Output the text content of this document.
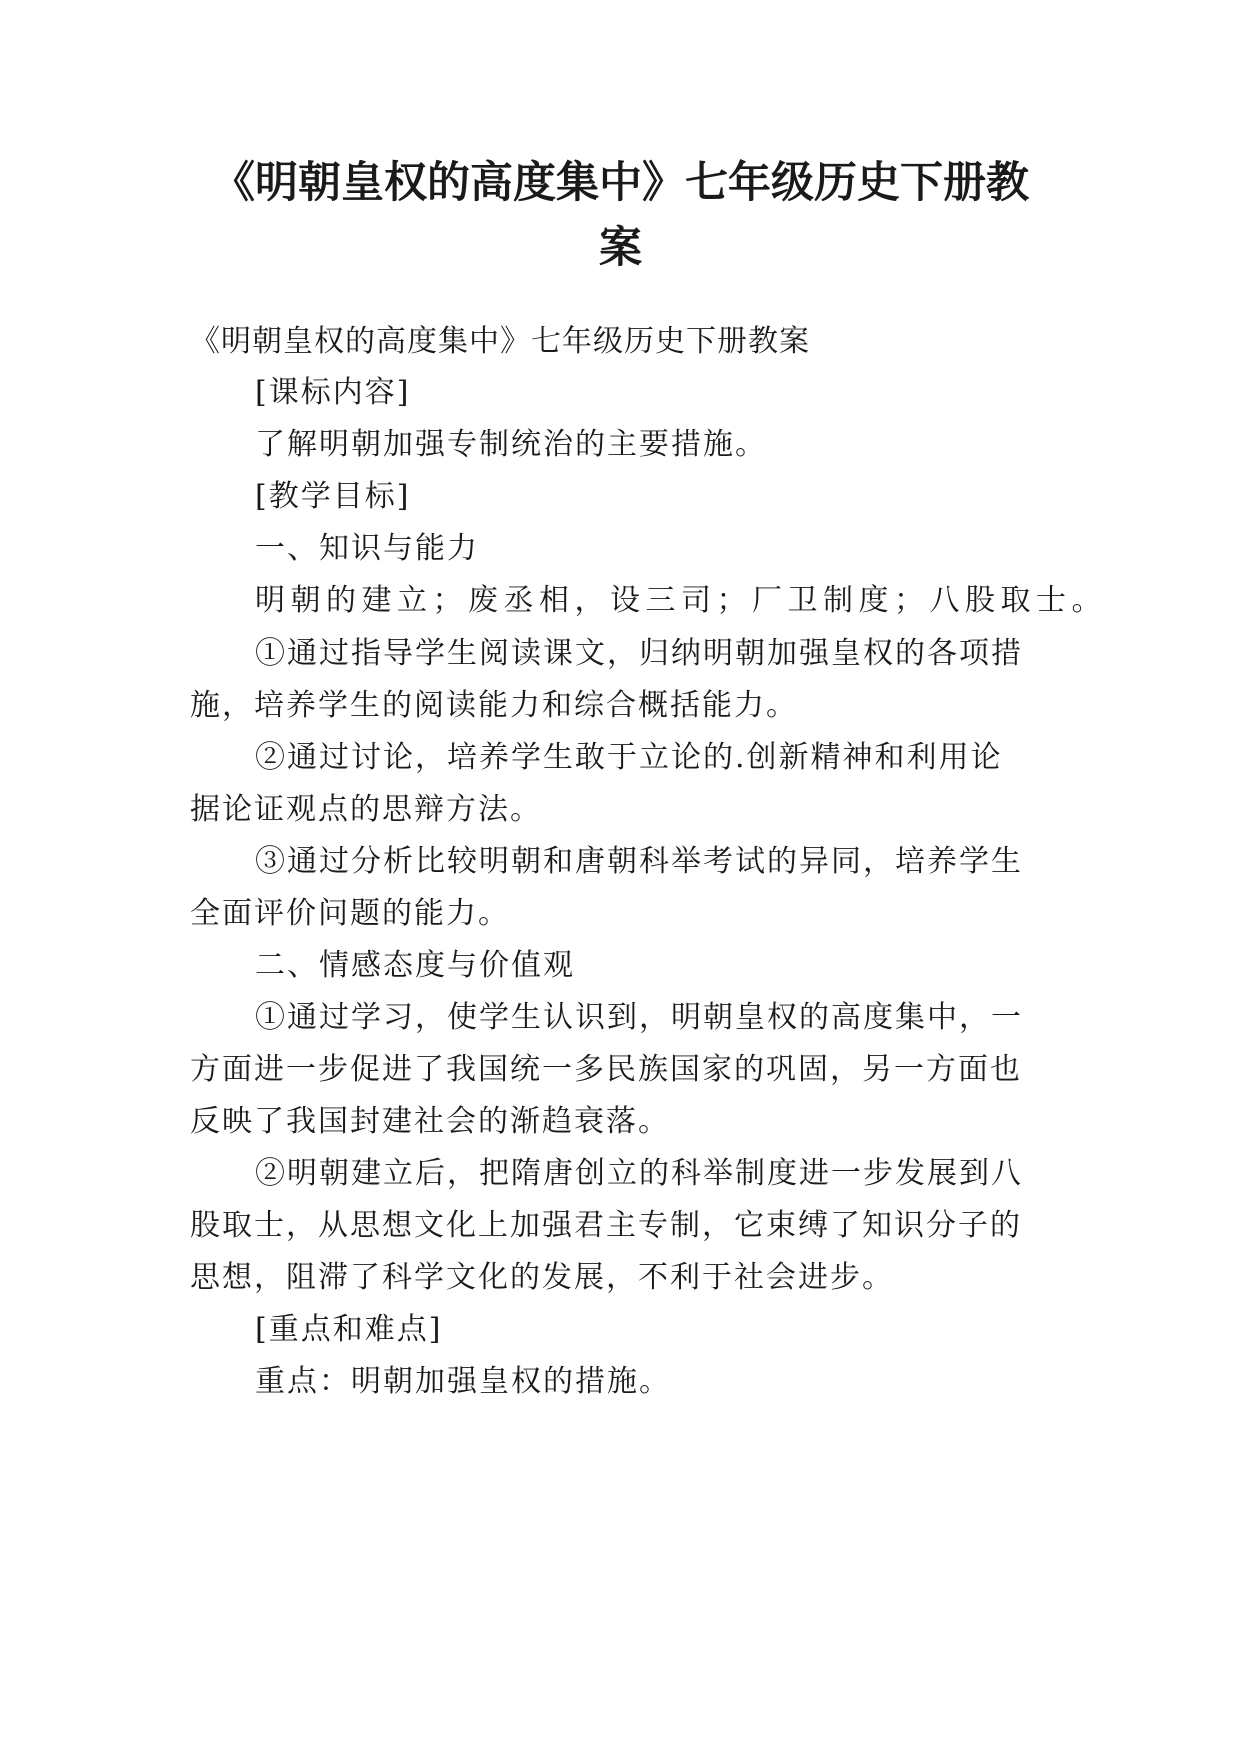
《明朝皇权的高度集中》七年级历史下册教
案

《明朝皇权的高度集中》七年级历史下册教案

[课标内容]

了解明朝加强专制统治的主要措施。

[教学目标]

一、知识与能力

明朝的建立；废丞相，设三司；厂卫制度；八股取士。

①通过指导学生阅读课文，归纳明朝加强皇权的各项措

施，培养学生的阅读能力和综合概括能力。

②通过讨论，培养学生敢于立论的.创新精神和利用论

据论证观点的思辩方法。

③通过分析比较明朝和唐朝科举考试的异同，培养学生

全面评价问题的能力。

二、情感态度与价值观

①通过学习，使学生认识到，明朝皇权的高度集中，一

方面进一步促进了我国统一多民族国家的巩固，另一方面也

反映了我国封建社会的渐趋衰落。

②明朝建立后，把隋唐创立的科举制度进一步发展到八

股取士，从思想文化上加强君主专制，它束缚了知识分子的

思想，阻滞了科学文化的发展，不利于社会进步。

[重点和难点]

重点：明朝加强皇权的措施。
